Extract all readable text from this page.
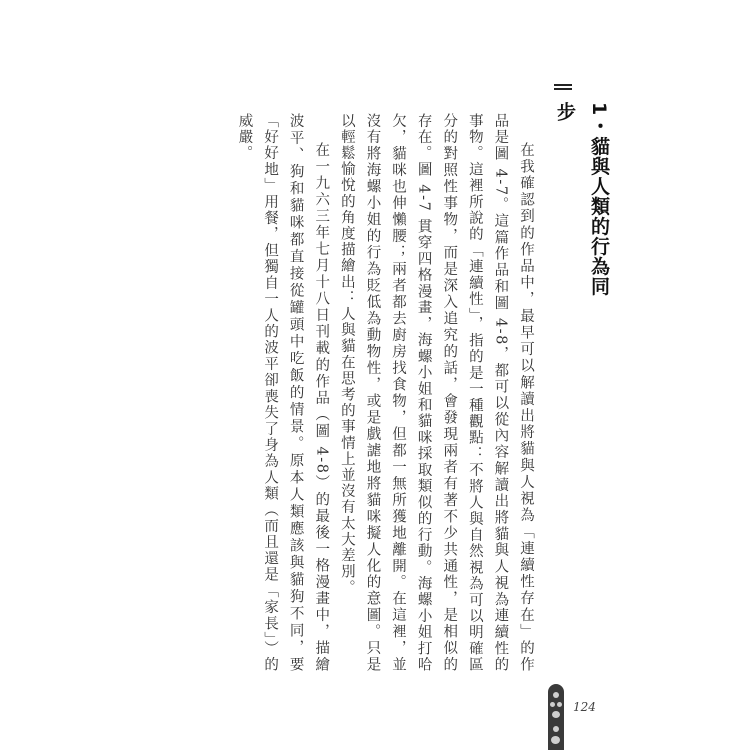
1・貓與人類的行為同步

在我確認到的作品中，最早可以解讀出將貓與人視為「連續性存在」的作品是圖 4-7。這篇作品和圖 4-8，都可以從內容解讀出將貓與人視為連續性的事物。這裡所說的「連續性」，指的是一種觀點：不將人與自然視為可以明確區分的對照性事物，而是深入追究的話，會發現兩者有著不少共通性，是相似的存在。圖 4-7 貫穿四格漫畫，海螺小姐和貓咪採取類似的行動。海螺小姐打哈欠，貓咪也伸懶腰；兩者都去廚房找食物，但都一無所獲地離開。在這裡，並沒有將海螺小姐的行為貶低為動物性，或是戲謔地將貓咪擬人化的意圖。只是以輕鬆愉悅的角度描繪出：人與貓在思考的事情上並沒有太大差別。

在一九六三年七月十八日刊載的作品（圖 4-8）的最後一格漫畫中，描繪波平、狗和貓咪都直接從罐頭中吃飯的情景。原本人類應該與貓狗不同，要「好好地」用餐，但獨自一人的波平卻喪失了身為人類（而且還是「家長」）的威嚴。

124
